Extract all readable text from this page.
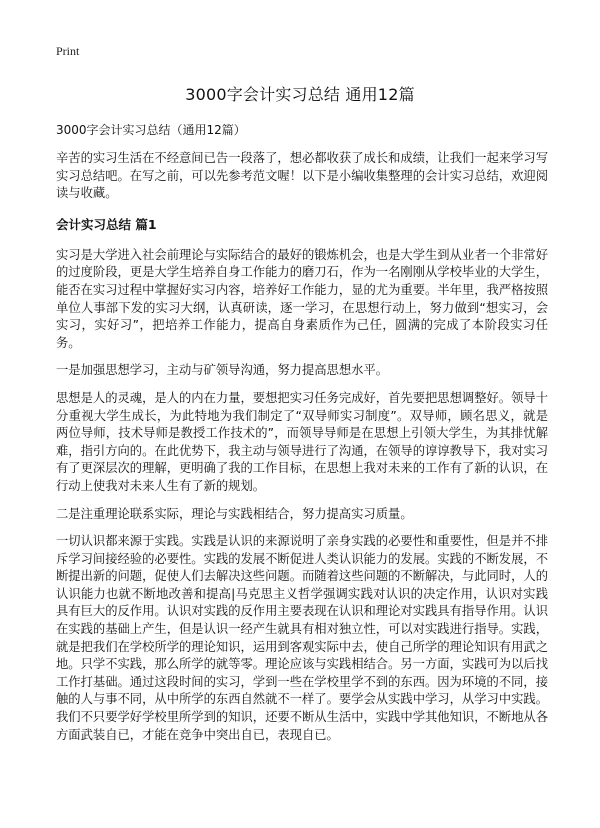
Print
3000字会计实习总结 通用12篇
3000字会计实习总结（通用12篇）

辛苦的实习生活在不经意间已告一段落了，想必都收获了成长和成绩，让我们一起来学习写实习总结吧。在写之前，可以先参考范文喔！以下是小编收集整理的会计实习总结，欢迎阅读与收藏。

会计实习总结 篇1

实习是大学进入社会前理论与实际结合的最好的锻炼机会，也是大学生到从业者一个非常好的过度阶段，更是大学生培养自身工作能力的磨刀石，作为一名刚刚从学校毕业的大学生，能否在实习过程中掌握好实习内容，培养好工作能力，显的尤为重要。半年里，我严格按照单位人事部下发的实习大纲，认真研读，逐一学习，在思想行动上，努力做到“想实习，会实习，实好习”，把培养工作能力，提高自身素质作为己任，圆满的完成了本阶段实习任务。

一是加强思想学习，主动与矿领导沟通，努力提高思想水平。

思想是人的灵魂，是人的内在力量，要想把实习任务完成好，首先要把思想调整好。领导十分重视大学生成长，为此特地为我们制定了“双导师实习制度”。双导师，顾名思义，就是两位导师，技术导师是教授工作技术的”，而领导导师是在思想上引领大学生，为其排忧解难，指引方向的。在此优势下，我主动与领导进行了沟通，在领导的谆谆教导下，我对实习有了更深层次的理解，更明确了我的工作目标，在思想上我对未来的工作有了新的认识，在行动上使我对未来人生有了新的规划。

二是注重理论联系实际，理论与实践相结合，努力提高实习质量。

一切认识都来源于实践。实践是认识的来源说明了亲身实践的必要性和重要性，但是并不排斥学习间接经验的必要性。实践的发展不断促进人类认识能力的发展。实践的不断发展，不断提出新的问题，促使人们去解决这些问题。而随着这些问题的不断解决，与此同时，人的认识能力也就不断地改善和提高|马克思主义哲学强调实践对认识的决定作用，认识对实践具有巨大的反作用。认识对实践的反作用主要表现在认识和理论对实践具有指导作用。认识在实践的基础上产生，但是认识一经产生就具有相对独立性，可以对实践进行指导。实践，就是把我们在学校所学的理论知识，运用到客观实际中去，使自己所学的理论知识有用武之地。只学不实践，那么所学的就等零。理论应该与实践相结合。另一方面，实践可为以后找工作打基础。通过这段时间的实习，学到一些在学校里学不到的东西。因为环境的不同，接触的人与事不同，从中所学的东西自然就不一样了。要学会从实践中学习，从学习中实践。我们不只要学好学校里所学到的知识，还要不断从生活中，实践中学其他知识，不断地从各方面武装自已，才能在竞争中突出自已，表现自已。
